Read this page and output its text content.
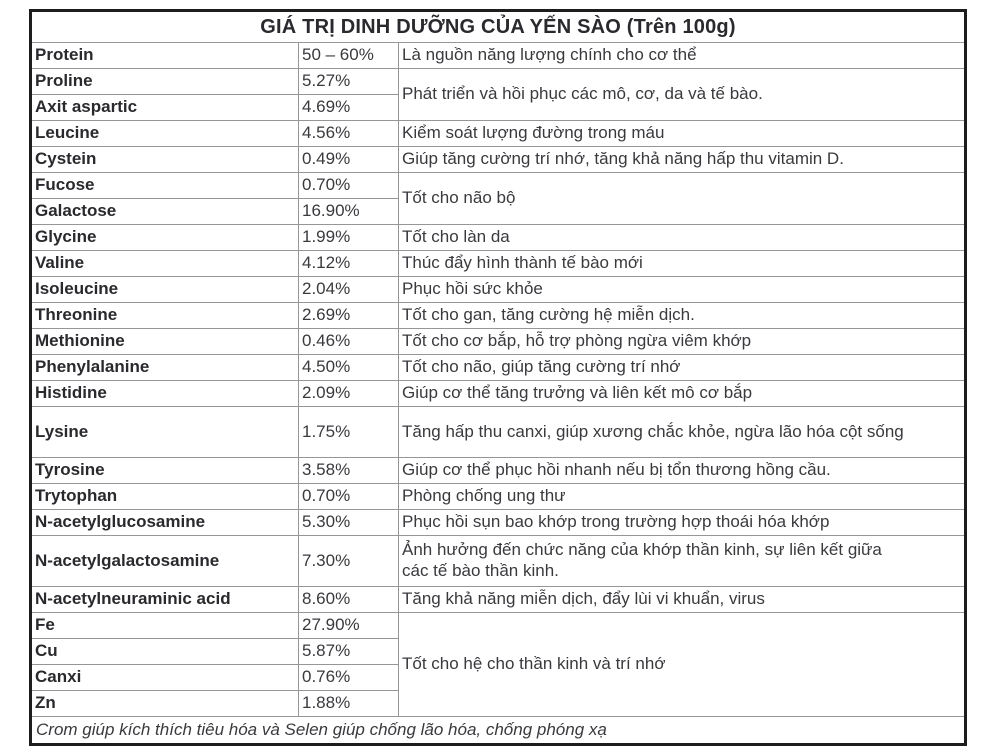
GIÁ TRỊ DINH DƯỠNG CỦA YẾN SÀO (Trên 100g)		
Protein	50 – 60%	Là nguồn năng lượng chính cho cơ thể
Proline	5.27%	Phát triển và hồi phục các mô, cơ, da và tế bào.
Axit aspartic	4.69%	
Leucine	4.56%	Kiểm soát lượng đường trong máu
Cystein	0.49%	Giúp tăng cường trí nhớ, tăng khả năng hấp thu vitamin D.
Fucose	0.70%	Tốt cho não bộ
Galactose	16.90%	
Glycine	1.99%	Tốt cho làn da
Valine	4.12%	Thúc đẩy hình thành tế bào mới
Isoleucine	2.04%	Phục hồi sức khỏe
Threonine	2.69%	Tốt cho gan, tăng cường hệ miễn dịch.
Methionine	0.46%	Tốt cho cơ bắp, hỗ trợ phòng ngừa viêm khớp
Phenylalanine	4.50%	Tốt cho não, giúp tăng cường trí nhớ
Histidine	2.09%	Giúp cơ thể tăng trưởng và liên kết mô cơ bắp
Lysine	1.75%	Tăng hấp thu canxi, giúp xương chắc khỏe, ngừa lão hóa cột sống
Tyrosine	3.58%	Giúp cơ thể phục hồi nhanh nếu bị tổn thương hồng cầu.
Trytophan	0.70%	Phòng chống ung thư
N-acetylglucosamine	5.30%	Phục hồi sụn bao khớp trong trường hợp thoái hóa khớp
N-acetylgalactosamine	7.30%	Ảnh hưởng đến chức năng của khớp thần kinh, sự liên kết giữa các tế bào thần kinh.
N-acetylneuraminic acid	8.60%	Tăng khả năng miễn dịch, đẩy lùi vi khuẩn, virus
Fe	27.90%	Tốt cho hệ cho thần kinh và trí nhớ
Cu	5.87%	
Canxi	0.76%	
Zn	1.88%	
Crom giúp kích thích tiêu hóa và Selen giúp chống lão hóa, chống phóng xạ		
